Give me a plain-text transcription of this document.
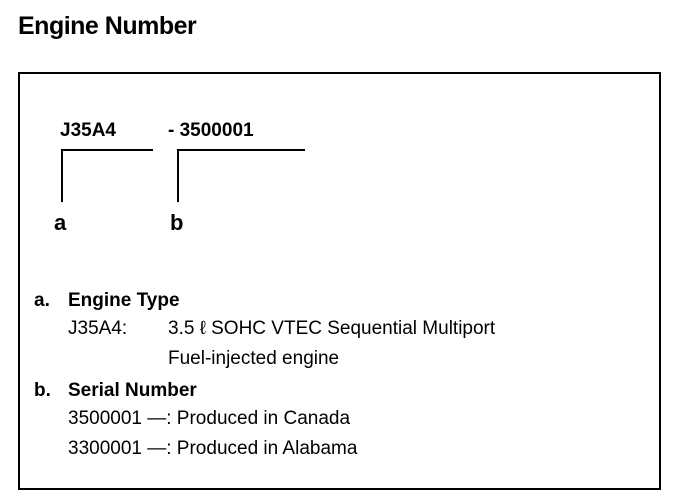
Engine Number
J35A4	- 3500001
a	b
a. Engine Type
J35A4: 3.5 ℓ SOHC VTEC Sequential Multiport
Fuel-injected engine
b. Serial Number
3500001 ―: Produced in Canada
3300001 ―: Produced in Alabama
